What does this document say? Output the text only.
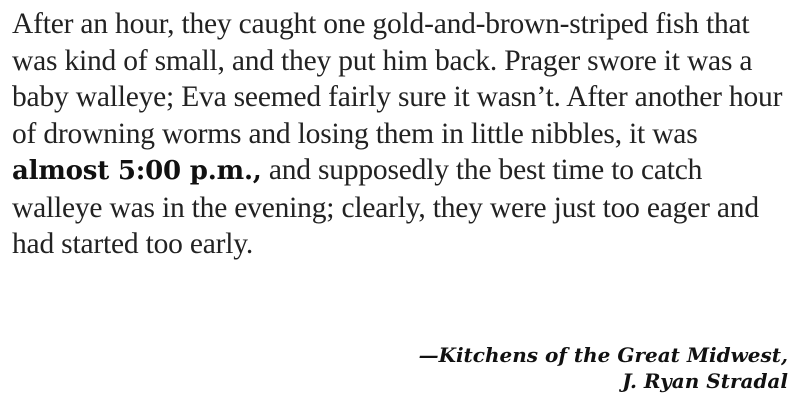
After an hour, they caught one gold-and-brown-striped fish that was kind of small, and they put him back. Prager swore it was a baby walleye; Eva seemed fairly sure it wasn’t. After another hour of drowning worms and losing them in little nibbles, it was almost 5:00 p.m., and supposedly the best time to catch walleye was in the evening; clearly, they were just too eager and had started too early.

—Kitchens of the Great Midwest,
J. Ryan Stradal
